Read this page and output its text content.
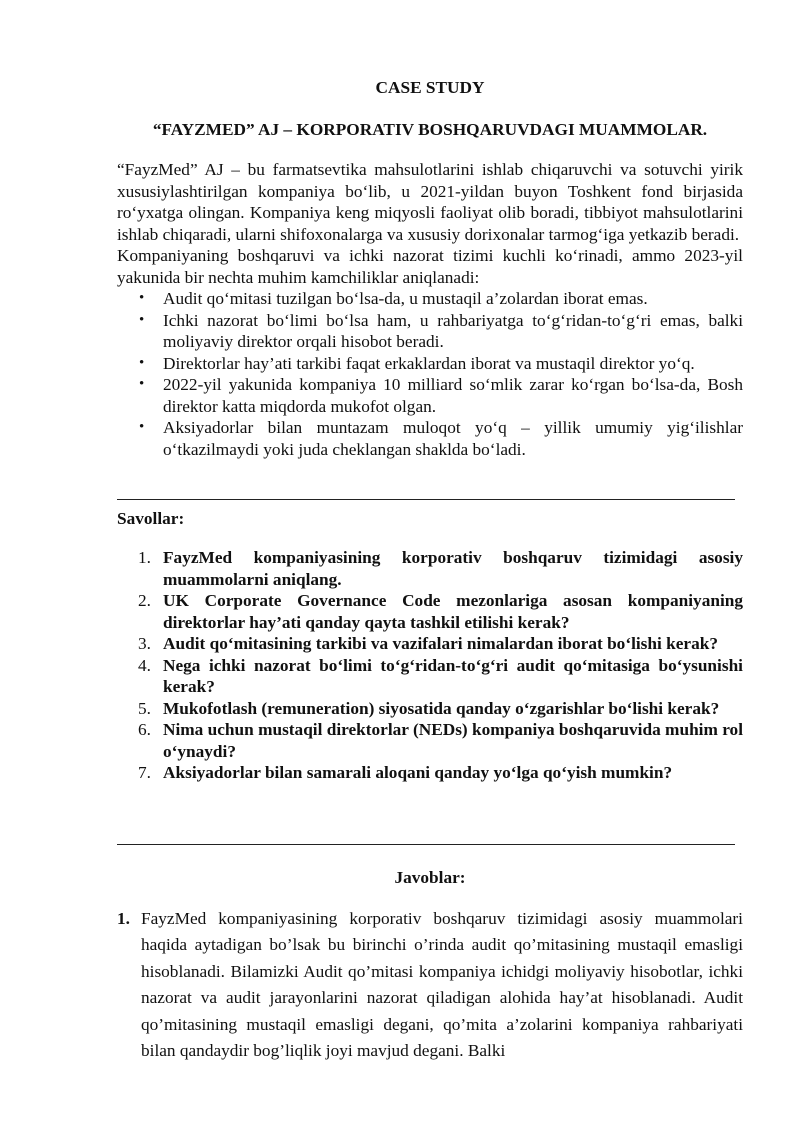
CASE STUDY
“FAYZMED” AJ – KORPORATIV BOSHQARUVDAGI MUAMMOLAR.

“FayzMed” AJ – bu farmatsevtika mahsulotlarini ishlab chiqaruvchi va sotuvchi yirik xususiylashtirilgan kompaniya bo‘lib, u 2021-yildan buyon Toshkent fond birjasida ro‘yxatga olingan. Kompaniya keng miqyosli faoliyat olib boradi, tibbiyot mahsulotlarini ishlab chiqaradi, ularni shifoxonalarga va xususiy dorixonalar tarmog‘iga yetkazib beradi.

Kompaniyaning boshqaruvi va ichki nazorat tizimi kuchli ko‘rinadi, ammo 2023-yil yakunida bir nechta muhim kamchiliklar aniqlanadi:

• Audit qo‘mitasi tuzilgan bo‘lsa-da, u mustaqil a’zolardan iborat emas.
• Ichki nazorat bo‘limi bo‘lsa ham, u rahbariyatga to‘g‘ridan-to‘g‘ri emas, balki moliyaviy direktor orqali hisobot beradi.
• Direktorlar hay’ati tarkibi faqat erkaklardan iborat va mustaqil direktor yo‘q.
• 2022-yil yakunida kompaniya 10 milliard so‘mlik zarar ko‘rgan bo‘lsa-da, Bosh direktor katta miqdorda mukofot olgan.
• Aksiyadorlar bilan muntazam muloqot yo‘q – yillik umumiy yig‘ilishlar o‘tkazilmaydi yoki juda cheklangan shaklda bo‘ladi.

Savollar:

1. FayzMed kompaniyasining korporativ boshqaruv tizimidagi asosiy muammolarni aniqlang.
2. UK Corporate Governance Code mezonlariga asosan kompaniyaning direktorlar hay’ati qanday qayta tashkil etilishi kerak?
3. Audit qo‘mitasining tarkibi va vazifalari nimalardan iborat bo‘lishi kerak?
4. Nega ichki nazorat bo‘limi to‘g‘ridan-to‘g‘ri audit qo‘mitasiga bo‘ysunishi kerak?
5. Mukofotlash (remuneration) siyosatida qanday o‘zgarishlar bo‘lishi kerak?
6. Nima uchun mustaqil direktorlar (NEDs) kompaniya boshqaruvida muhim rol o‘ynaydi?
7. Aksiyadorlar bilan samarali aloqani qanday yo‘lga qo‘yish mumkin?

Javoblar:

1. FayzMed kompaniyasining korporativ boshqaruv tizimidagi asosiy muammolari haqida aytadigan bo’lsak bu birinchi o’rinda audit qo’mitasining mustaqil emasligi hisoblanadi. Bilamizki Audit qo’mitasi kompaniya ichidgi moliyaviy hisobotlar, ichki nazorat va audit jarayonlarini nazorat qiladigan alohida hay’at hisoblanadi. Audit qo’mitasining mustaqil emasligi degani, qo’mita a’zolarini kompaniya rahbariyati bilan qandaydir bog’liqlik joyi mavjud degani. Balki
